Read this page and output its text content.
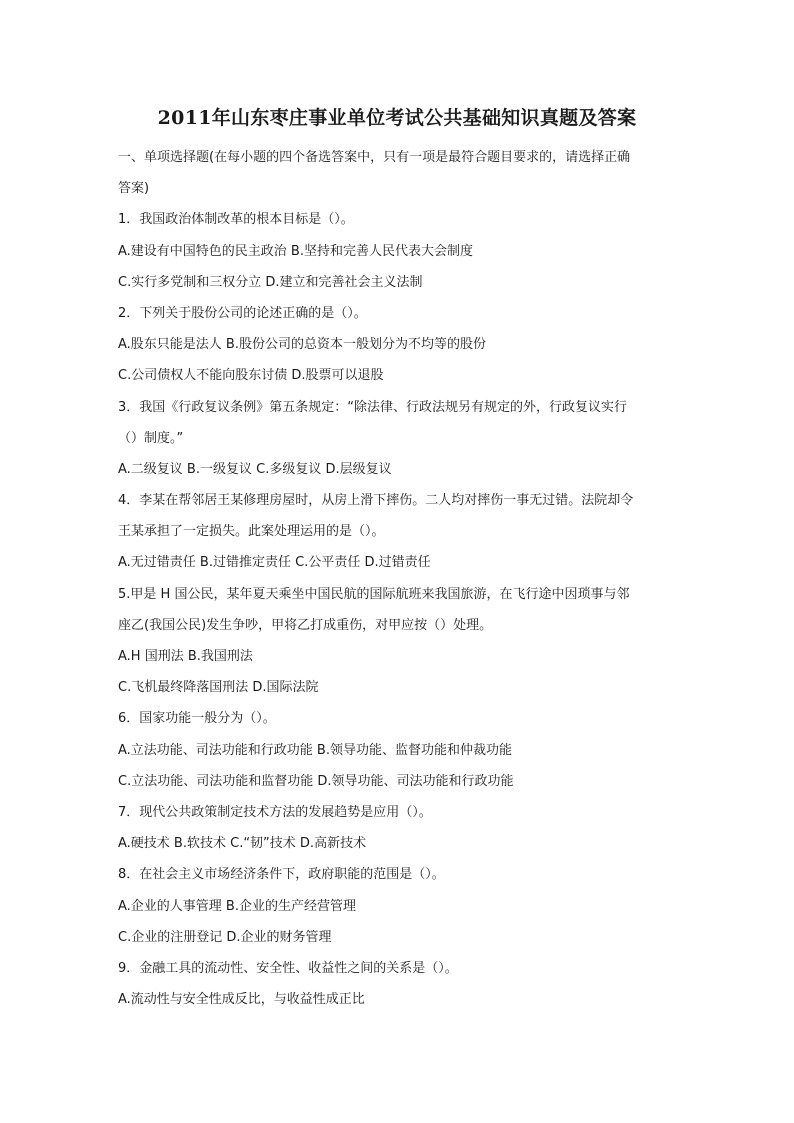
2011年山东枣庄事业单位考试公共基础知识真题及答案
一、单项选择题(在每小题的四个备选答案中，只有一项是最符合题目要求的，请选择正确
答案)
1．我国政治体制改革的根本目标是（）。
A.建设有中国特色的民主政治 B.坚持和完善人民代表大会制度
C.实行多党制和三权分立 D.建立和完善社会主义法制
2．下列关于股份公司的论述正确的是（）。
A.股东只能是法人 B.股份公司的总资本一般划分为不均等的股份
C.公司债权人不能向股东讨债 D.股票可以退股
3．我国《行政复议条例》第五条规定：“除法律、行政法规另有规定的外，行政复议实行
（）制度。”
A.二级复议 B.一级复议 C.多级复议 D.层级复议
4．李某在帮邻居王某修理房屋时，从房上滑下摔伤。二人均对摔伤一事无过错。法院却令
王某承担了一定损失。此案处理运用的是（）。
A.无过错责任 B.过错推定责任 C.公平责任 D.过错责任
5.甲是 H 国公民，某年夏天乘坐中国民航的国际航班来我国旅游，在飞行途中因琐事与邻
座乙(我国公民)发生争吵，甲将乙打成重伤，对甲应按（）处理。
A.H 国刑法 B.我国刑法
C.飞机最终降落国刑法 D.国际法院
6．国家功能一般分为（）。
A.立法功能、司法功能和行政功能 B.领导功能、监督功能和仲裁功能
C.立法功能、司法功能和监督功能 D.领导功能、司法功能和行政功能
7．现代公共政策制定技术方法的发展趋势是应用（）。
A.硬技术 B.软技术 C.“韧”技术 D.高新技术
8．在社会主义市场经济条件下，政府职能的范围是（）。
A.企业的人事管理 B.企业的生产经营管理
C.企业的注册登记 D.企业的财务管理
9．金融工具的流动性、安全性、收益性之间的关系是（）。
A.流动性与安全性成反比，与收益性成正比
